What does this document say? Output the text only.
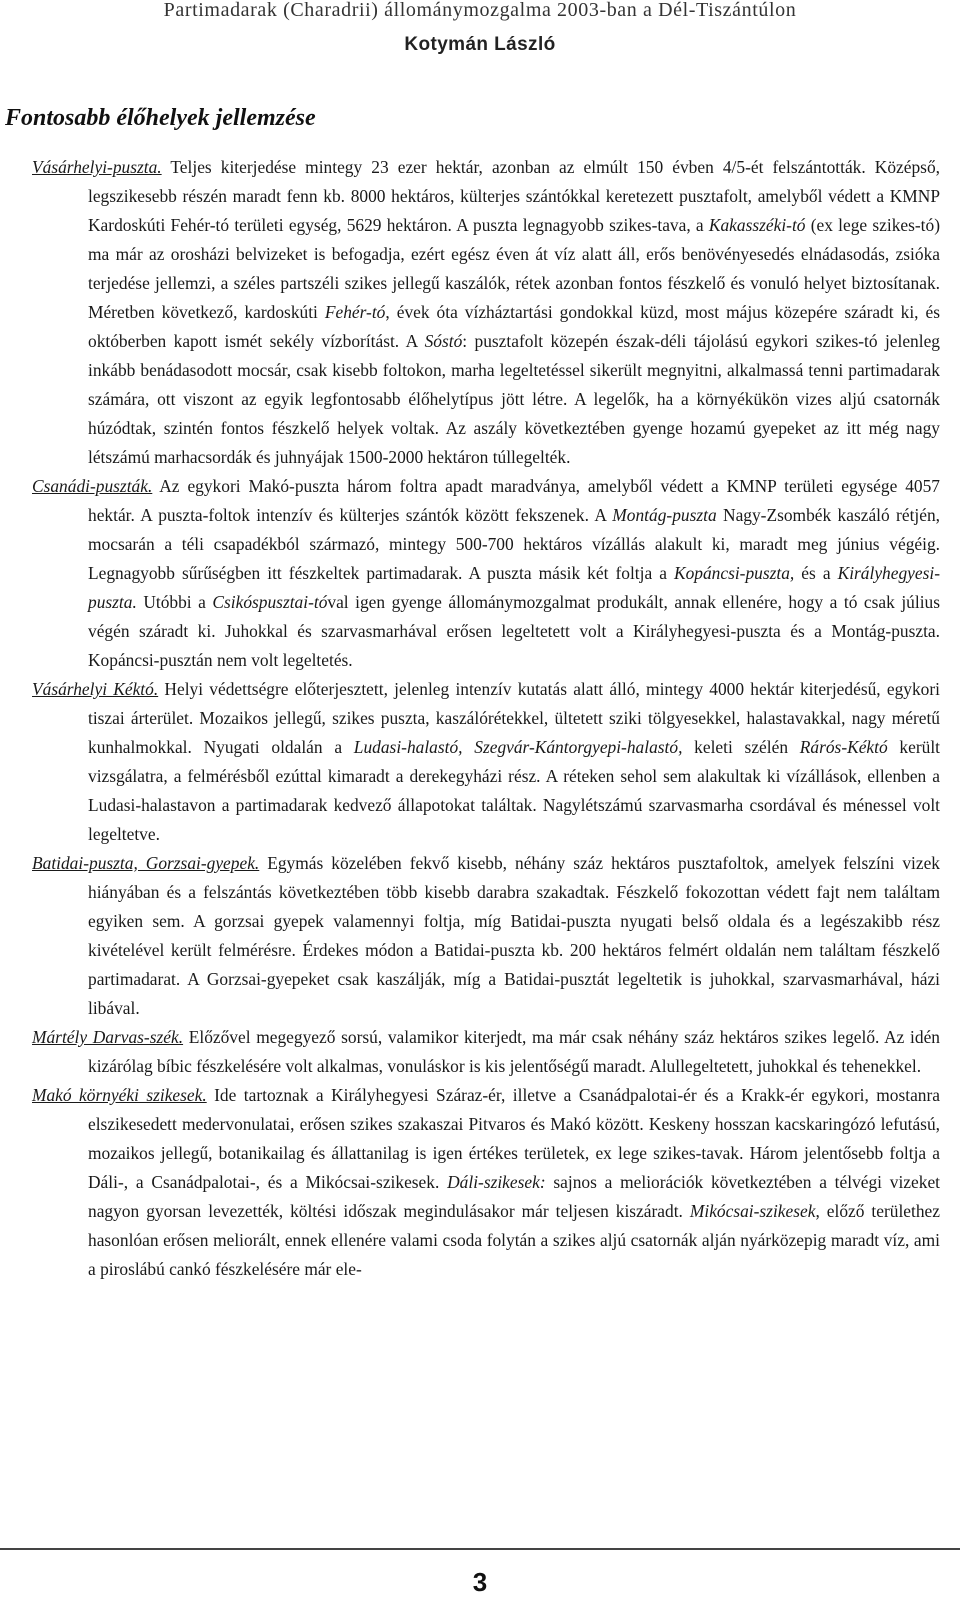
Partimadarak (Charadrii) állománymozgalma 2003-ban a Dél-Tiszántúlon
Kotymán László
Fontosabb élőhelyek jellemzése

Vásárhelyi-puszta. Teljes kiterjedése mintegy 23 ezer hektár, azonban az elmúlt 150 évben 4/5-ét felszántották. Középső, legszikesebb részén maradt fenn kb. 8000 hektáros, külterjes szántókkal keretezett pusztafolt, amelyből védett a KMNP Kardoskúti Fehér-tó területi egység, 5629 hektáron. A puszta legnagyobb szikes-tava, a Kakasszéki-tó (ex lege szikes-tó) ma már az orosházi belvizeket is befogadja, ezért egész éven át víz alatt áll, erős benövényesedés elnádasodás, zsióka terjedése jellemzi, a széles partszéli szikes jellegű kaszálók, rétek azonban fontos fészkelő és vonuló helyet biztosítanak. Méretben következő, kardoskúti Fehér-tó, évek óta vízháztartási gondokkal küzd, most május közepére száradt ki, és októberben kapott ismét sekély vízborítást. A Sóstó: pusztafolt közepén észak-déli tájolású egykori szikes-tó jelenleg inkább benádasodott mocsár, csak kisebb foltokon, marha legeltetéssel sikerült megnyitni, alkalmassá tenni partimadarak számára, ott viszont az egyik legfontosabb élőhelytípus jött létre. A legelők, ha a környékükön vizes aljú csatornák húzódtak, szintén fontos fészkelő helyek voltak. Az aszály következtében gyenge hozamú gyepeket az itt még nagy létszámú marhacsordák és juhnyájak 1500-2000 hektáron túllegelték.

Csanádi-puszták. Az egykori Makó-puszta három foltra apadt maradványa, amelyből védett a KMNP területi egysége 4057 hektár. A puszta-foltok intenzív és külterjes szántók között fekszenek. A Montág-puszta Nagy-Zsombék kaszáló rétjén, mocsarán a téli csapadékból származó, mintegy 500-700 hektáros vízállás alakult ki, maradt meg június végéig. Legnagyobb sűrűségben itt fészkeltek partimadarak. A puszta másik két foltja a Kopáncsi-puszta, és a Királyhegyesi-puszta. Utóbbi a Csikóspusztai-tóval igen gyenge állománymozgalmat produkált, annak ellenére, hogy a tó csak július végén száradt ki. Juhokkal és szarvasmarhával erősen legeltetett volt a Királyhegyesi-puszta és a Montág-puszta. Kopáncsi-pusztán nem volt legeltetés.

Vásárhelyi Kéktó. Helyi védettségre előterjesztett, jelenleg intenzív kutatás alatt álló, mintegy 4000 hektár kiterjedésű, egykori tiszai árterület. Mozaikos jellegű, szikes puszta, kaszálórétekkel, ültetett sziki tölgyesekkel, halastavakkal, nagy méretű kunhalmokkal. Nyugati oldalán a Ludasi-halastó, Szegvár-Kántorgyepi-halastó, keleti szélén Rárós-Kéktó került vizsgálatra, a felmérésből ezúttal kimaradt a derekegyházi rész. A réteken sehol sem alakultak ki vízállások, ellenben a Ludasi-halastavon a partimadarak kedvező állapotokat találtak. Nagylétszámú szarvasmarha csordával és ménessel volt legeltetve.

Batidai-puszta, Gorzsai-gyepek. Egymás közelében fekvő kisebb, néhány száz hektáros pusztafoltok, amelyek felszíni vizek hiányában és a felszántás következtében több kisebb darabra szakadtak. Fészkelő fokozottan védett fajt nem találtam egyiken sem. A gorzsai gyepek valamennyi foltja, míg Batidai-puszta nyugati belső oldala és a legészakibb rész kivételével került felmérésre. Érdekes módon a Batidai-puszta kb. 200 hektáros felmért oldalán nem találtam fészkelő partimadarat. A Gorzsai-gyepeket csak kaszálják, míg a Batidai-pusztát legeltetik is juhokkal, szarvasmarhával, házi libával.

Mártély Darvas-szék. Előzővel megegyező sorsú, valamikor kiterjedt, ma már csak néhány száz hektáros szikes legelő. Az idén kizárólag bíbic fészkelésére volt alkalmas, vonuláskor is kis jelentőségű maradt. Alullegeltetett, juhokkal és tehenekkel.

Makó környéki szikesek. Ide tartoznak a Királyhegyesi Száraz-ér, illetve a Csanádpalotai-ér és a Krakk-ér egykori, mostanra elszikesedett medervonulatai, erősen szikes szakaszai Pitvaros és Makó között. Keskeny hosszan kacskaringózó lefutású, mozaikos jellegű, botanikailag és állattanilag is igen értékes területek, ex lege szikes-tavak. Három jelentősebb foltja a Dáli-, a Csanádpalotai-, és a Mikócsai-szikesek. Dáli-szikesek: sajnos a meliorációk következtében a télvégi vizeket nagyon gyorsan levezették, költési időszak megindulásakor már teljesen kiszáradt. Mikócsai-szikesek, előző területhez hasonlóan erősen meliorált, ennek ellenére valami csoda folytán a szikes aljú csatornák alján nyárközepig maradt víz, ami a piroslábú cankó fészkelésére már ele-

3
